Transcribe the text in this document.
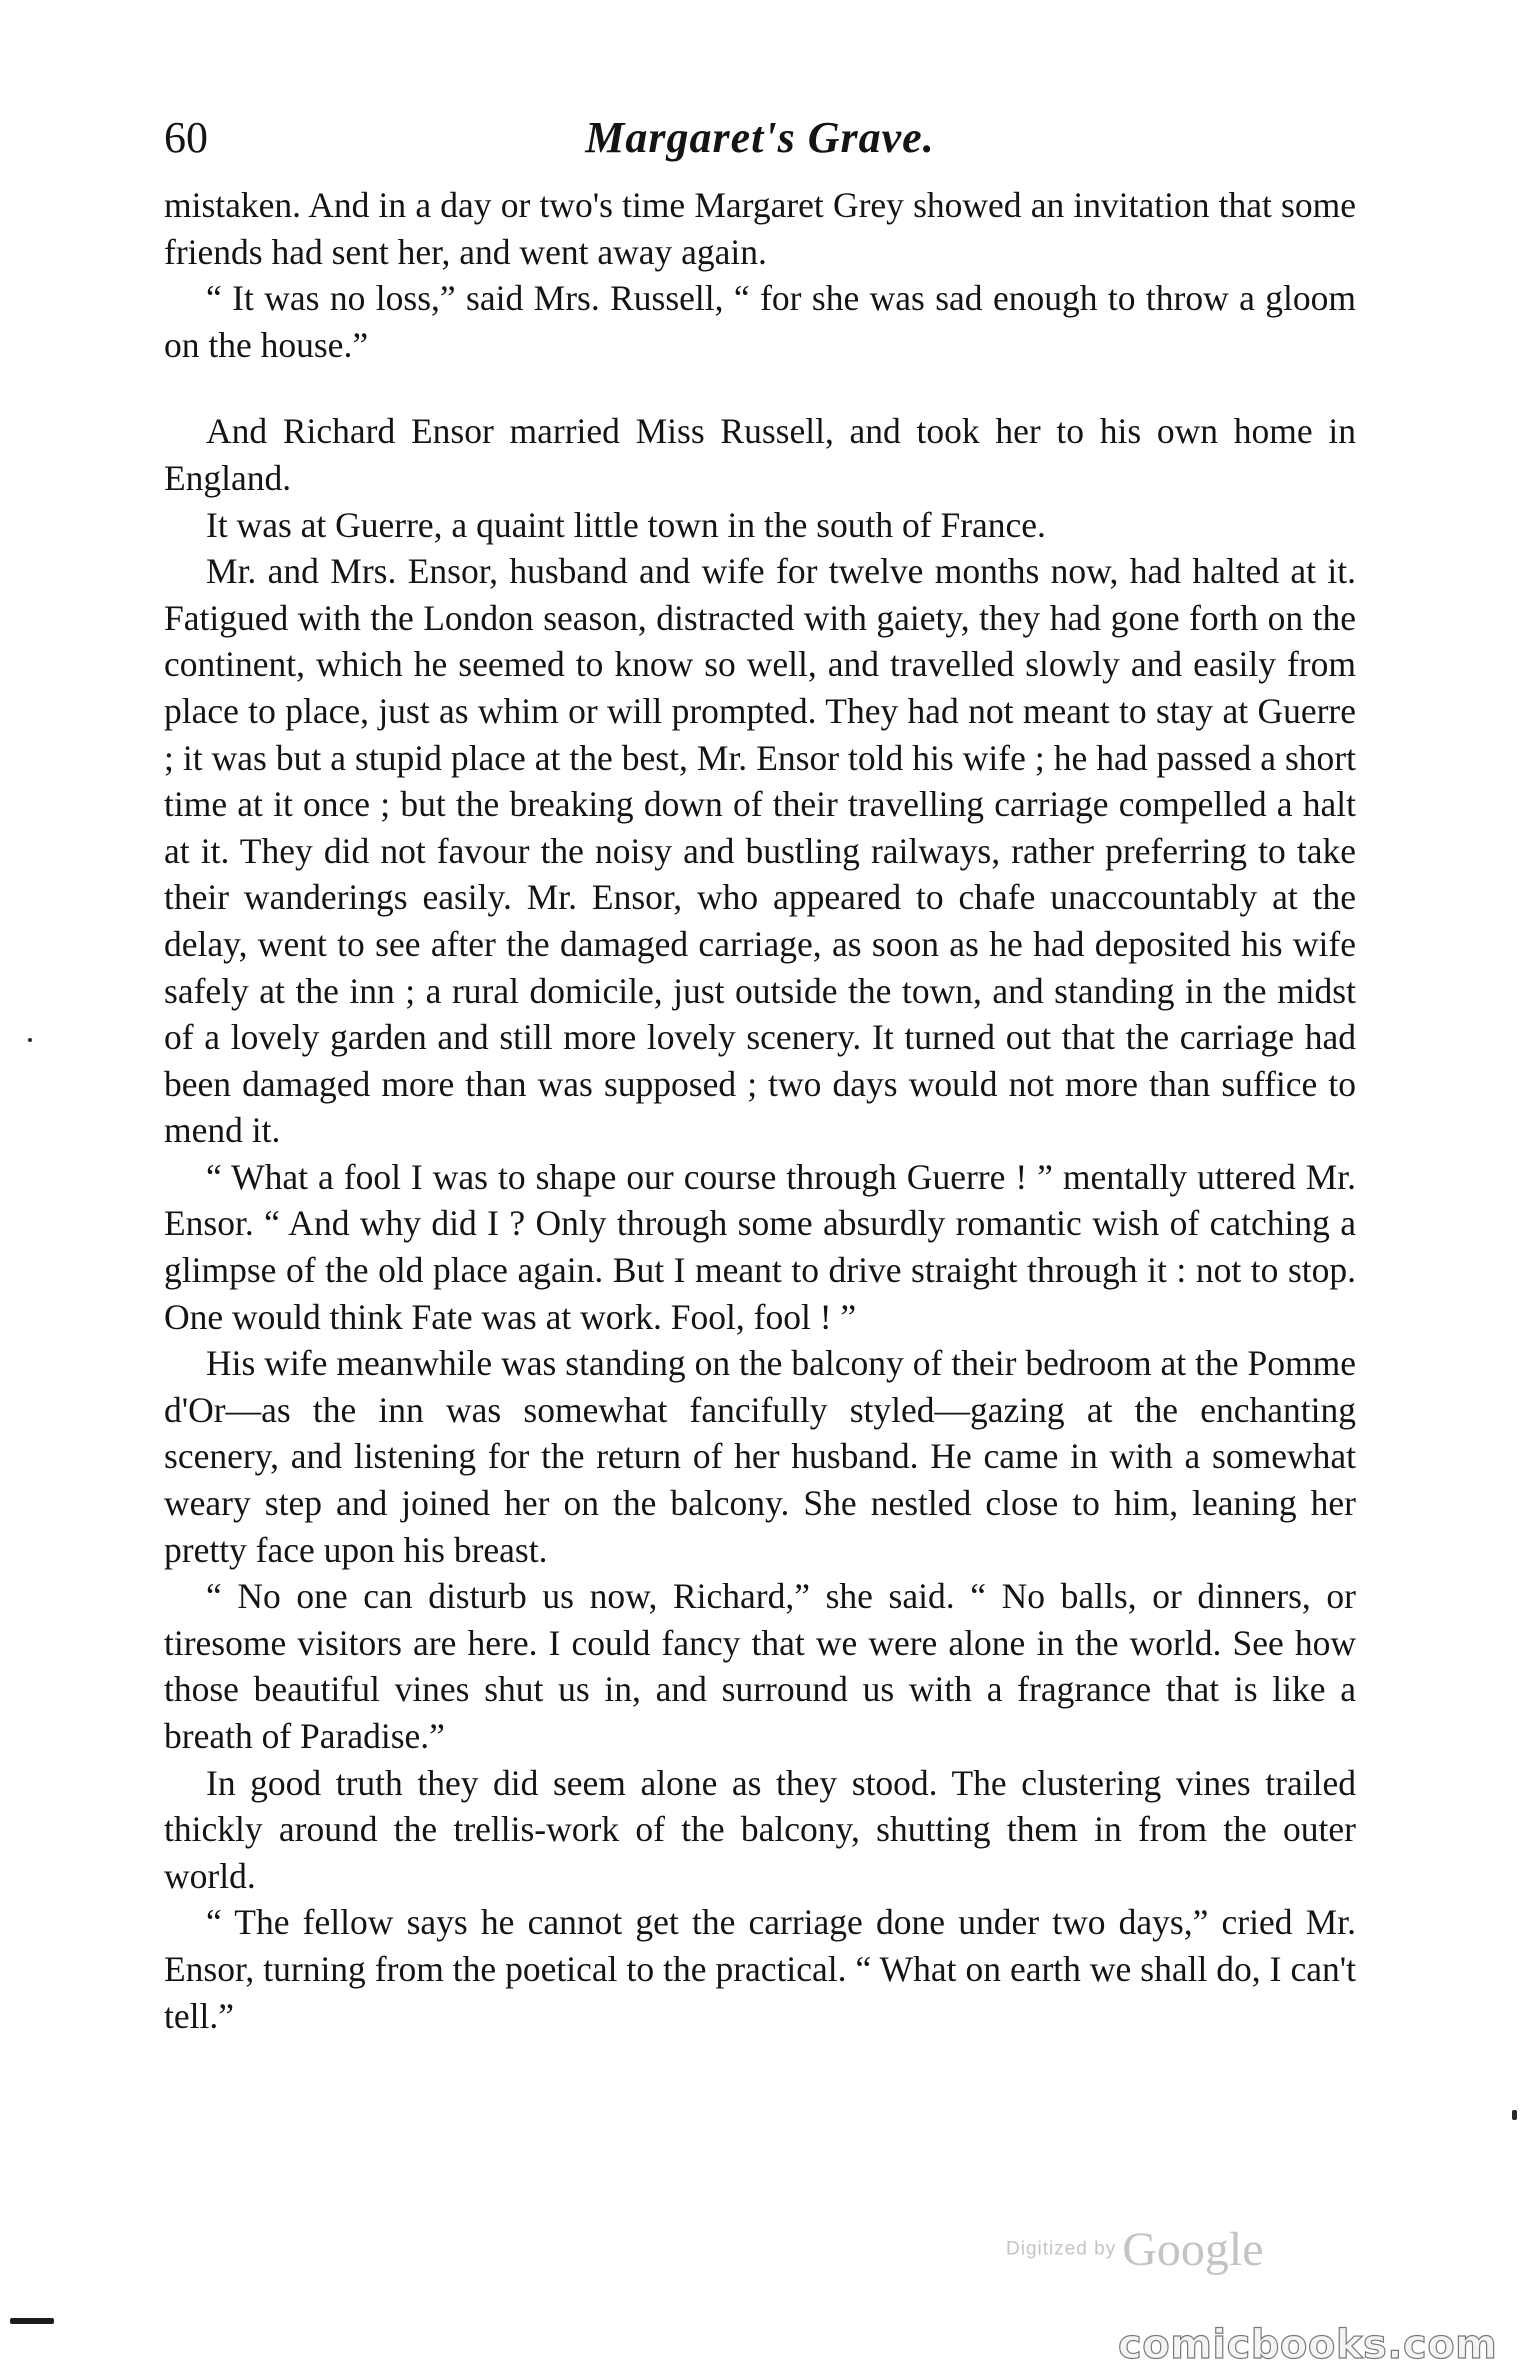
60	Margaret's Grave.

mistaken. And in a day or two's time Margaret Grey showed an invitation that some friends had sent her, and went away again.

“ It was no loss,” said Mrs. Russell, “ for she was sad enough to throw a gloom on the house.”

And Richard Ensor married Miss Russell, and took her to his own home in England.

It was at Guerre, a quaint little town in the south of France.

Mr. and Mrs. Ensor, husband and wife for twelve months now, had halted at it. Fatigued with the London season, distracted with gaiety, they had gone forth on the continent, which he seemed to know so well, and travelled slowly and easily from place to place, just as whim or will prompted. They had not meant to stay at Guerre ; it was but a stupid place at the best, Mr. Ensor told his wife ; he had passed a short time at it once ; but the breaking down of their travelling carriage compelled a halt at it. They did not favour the noisy and bustling railways, rather preferring to take their wanderings easily. Mr. Ensor, who appeared to chafe unaccountably at the delay, went to see after the damaged carriage, as soon as he had deposited his wife safely at the inn ; a rural domicile, just outside the town, and standing in the midst of a lovely garden and still more lovely scenery. It turned out that the carriage had been damaged more than was supposed ; two days would not more than suffice to mend it.

“ What a fool I was to shape our course through Guerre ! ” mentally uttered Mr. Ensor. “ And why did I ? Only through some absurdly romantic wish of catching a glimpse of the old place again. But I meant to drive straight through it : not to stop. One would think Fate was at work. Fool, fool ! ”

His wife meanwhile was standing on the balcony of their bedroom at the Pomme d'Or—as the inn was somewhat fancifully styled—gazing at the enchanting scenery, and listening for the return of her husband. He came in with a somewhat weary step and joined her on the balcony. She nestled close to him, leaning her pretty face upon his breast.

“ No one can disturb us now, Richard,” she said. “ No balls, or dinners, or tiresome visitors are here. I could fancy that we were alone in the world. See how those beautiful vines shut us in, and surround us with a fragrance that is like a breath of Paradise.”

In good truth they did seem alone as they stood. The clustering vines trailed thickly around the trellis-work of the balcony, shutting them in from the outer world.

“ The fellow says he cannot get the carriage done under two days,” cried Mr. Ensor, turning from the poetical to the practical. “ What on earth we shall do, I can't tell.”

Digitized by Google
comicbooks.com
